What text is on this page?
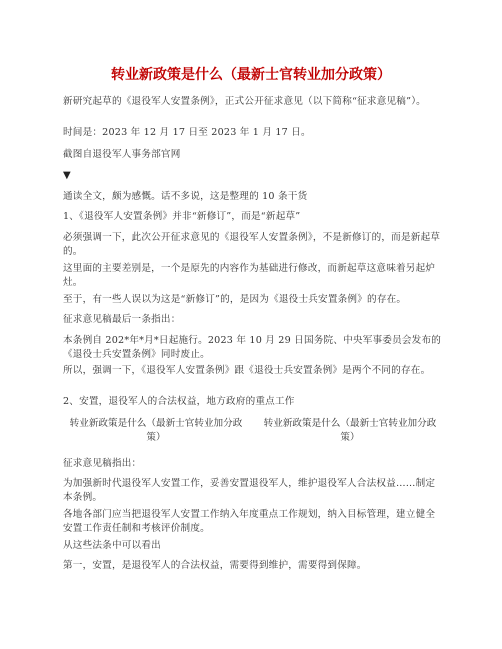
转业新政策是什么（最新士官转业加分政策）
新研究起草的《退役军人安置条例》，正式公开征求意见（以下简称“征求意见稿”）。
时间是：2023 年 12 月 17 日至 2023 年 1 月 17 日。
截图自退役军人事务部官网
▼
通读全文，颇为感慨。话不多说，这是整理的 10 条干货
1、《退役军人安置条例》并非“新修订”，而是“新起草”
必须强调一下，此次公开征求意见的《退役军人安置条例》，不是新修订的，而是新起草的。
这里面的主要差别是，一个是原先的内容作为基础进行修改，而新起草这意味着另起炉灶。
至于，有一些人误以为这是“新修订”的，是因为《退役士兵安置条例》的存在。
征求意见稿最后一条指出：
本条例自 202*年*月*日起施行。2023 年 10 月 29 日国务院、中央军事委员会发布的《退役士兵安置条例》同时废止。
所以，强调一下，《退役军人安置条例》跟《退役士兵安置条例》是两个不同的存在。
2、安置，退役军人的合法权益，地方政府的重点工作
转业新政策是什么（最新士官转业加分政策）
转业新政策是什么（最新士官转业加分政策）
征求意见稿指出：
为加强新时代退役军人安置工作，妥善安置退役军人，维护退役军人合法权益……制定本条例。
各地各部门应当把退役军人安置工作纳入年度重点工作规划，纳入目标管理，建立健全安置工作责任制和考核评价制度。
从这些法条中可以看出
第一，安置，是退役军人的合法权益，需要得到维护，需要得到保障。
